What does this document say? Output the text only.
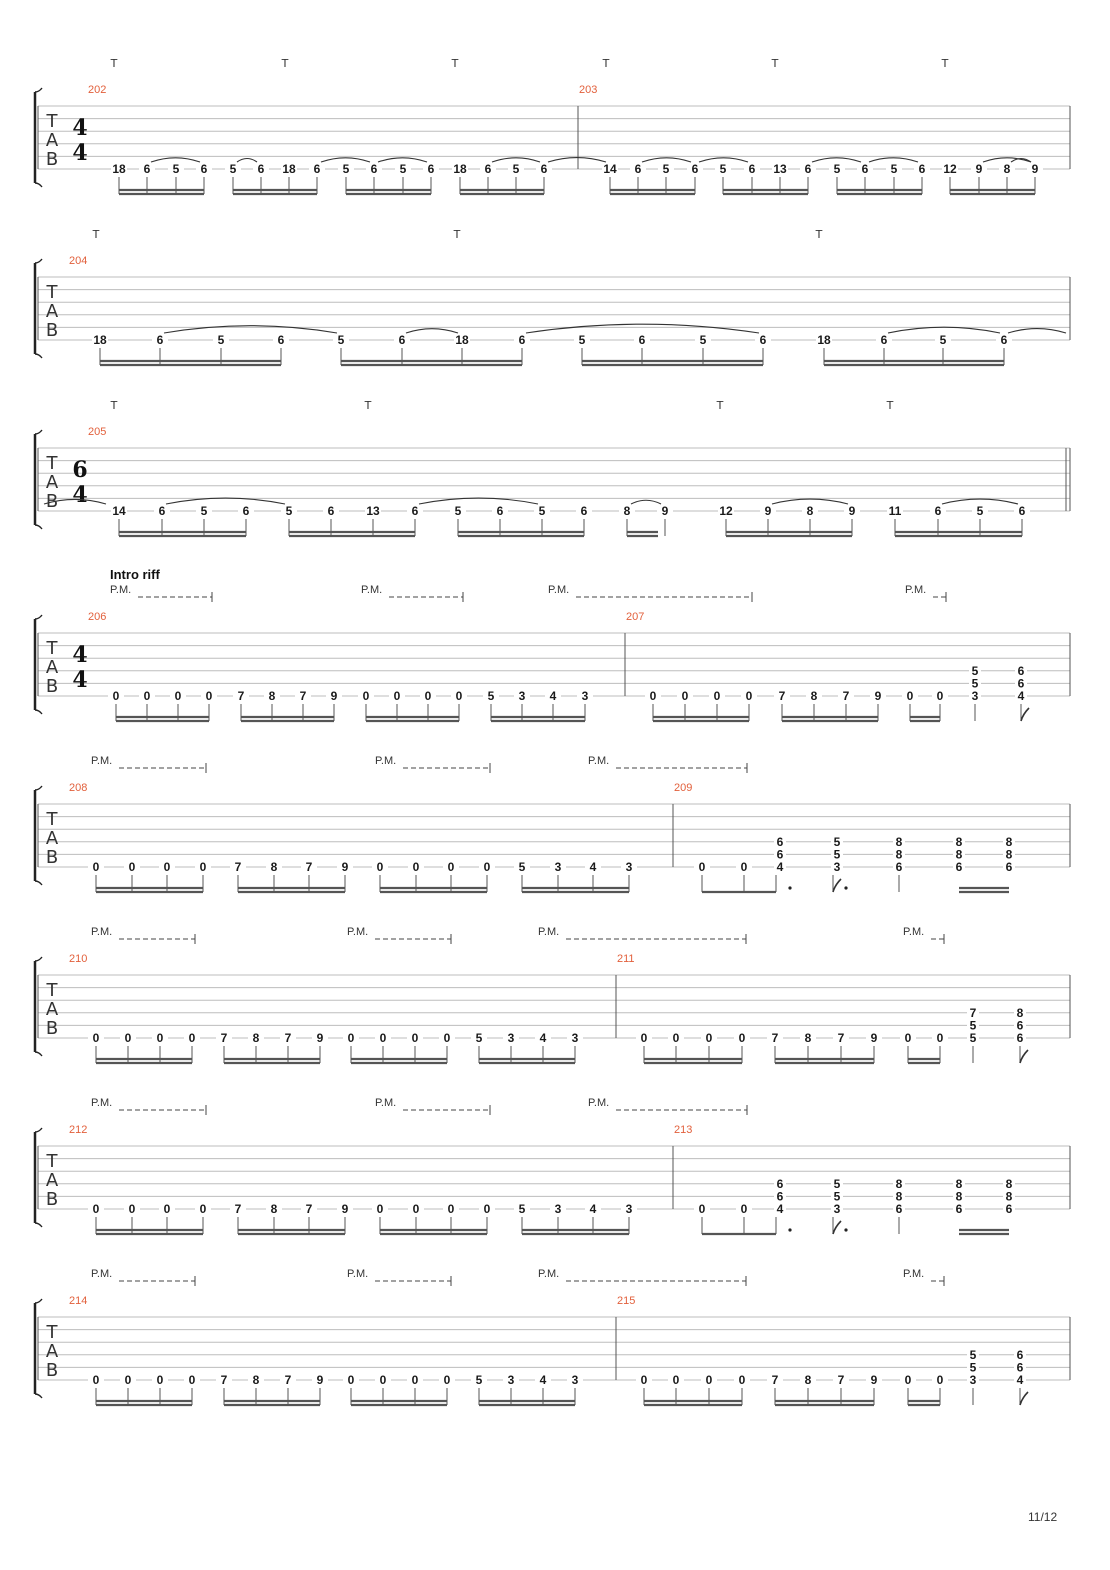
T
A
B
4
4
202	203
T	T	T	T	T	T
18 6 5 6 5 6 18 6 5 6 5 6 18 6 5 6	14 6 5 6 5 6 13 6 5 6 5 6 12 9 8 9
T
A
B
204
T	T	T
18	6	5	6	5	6	18	6	5	6	5	6	18	6	5	6
T
A
B
6
4
205
T	T	T	T
14	6	5	6	5	6	13	6	5	6	5	6	8	9	12	9	8	9	11	6	5	6
T
A
B
4
4
206	207
Intro riff
P.M.	P.M.	P.M.	P.M.
0 0 0 0 7 8 7 9 0 0 0 0 5 3 4 3	0 0 0 0 7 8 7 9 0 0
5
5
3
6
6
4
T
A
B
208	209
P.M.	P.M.	P.M.
0 0 0 0 7 8 7 9 0 0 0 0 5 3 4 3	0	0
6
6
4
5
5
3
8
8
6
8
8
6
8
8
6
T
A
B
210	211
P.M.	P.M.	P.M.	P.M.
0 0 0 0 7 8 7 9 0 0 0 0 5 3 4 3	0 0 0 0 7 8 7 9 0 0
7
5
5
8
6
6
T
A
B
212	213
P.M.	P.M.	P.M.
0 0 0 0 7 8 7 9 0 0 0 0 5 3 4 3	0	0
6
6
4
5
5
3
8
8
6
8
8
6
8
8
6
T
A
B
214	215
P.M.	P.M.	P.M.	P.M.
0 0 0 0 7 8 7 9 0 0 0 0 5 3 4 3	0 0 0 0 7 8 7 9 0 0
5
5
3
6
6
4
11/12
